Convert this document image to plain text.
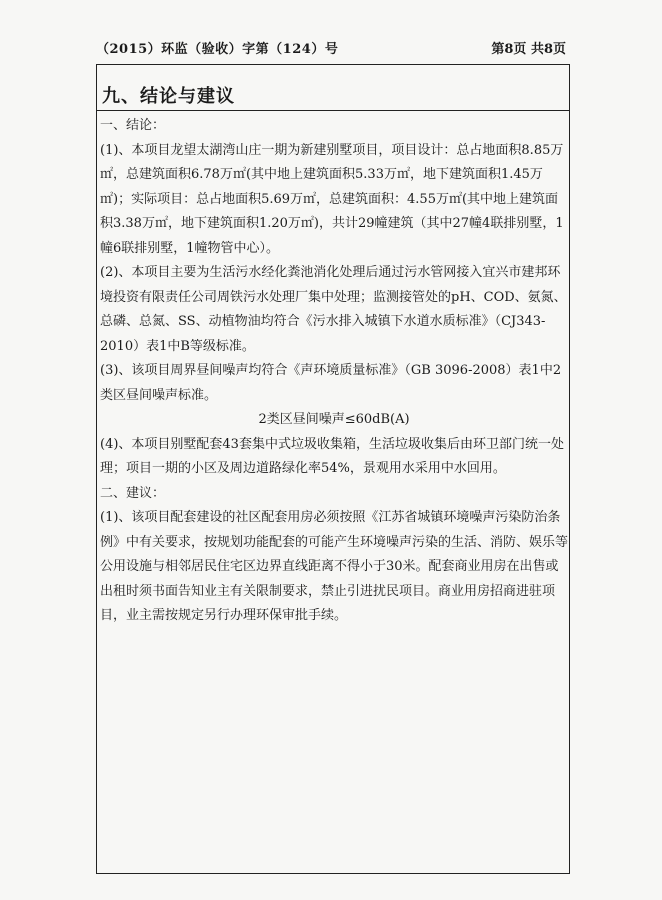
（2015）环监（验收）字第（124）号	第8页 共8页
九、结论与建议

一、结论：

(1)、本项目龙望太湖湾山庄一期为新建别墅项目，项目设计：总占地面积8.85万㎡，总建筑面积6.78万㎡(其中地上建筑面积5.33万㎡，地下建筑面积1.45万㎡)；实际项目：总占地面积5.69万㎡，总建筑面积：4.55万㎡(其中地上建筑面积3.38万㎡，地下建筑面积1.20万㎡)，共计29幢建筑（其中27幢4联排别墅，1幢6联排别墅，1幢物管中心）。

(2)、本项目主要为生活污水经化粪池消化处理后通过污水管网接入宜兴市建邦环境投资有限责任公司周铁污水处理厂集中处理；监测接管处的pH、COD、氨氮、总磷、总氮、SS、动植物油均符合《污水排入城镇下水道水质标准》（CJ343-2010）表1中B等级标准。

(3)、该项目周界昼间噪声均符合《声环境质量标准》（GB 3096-2008）表1中2类区昼间噪声标准。

2类区昼间噪声≤60dB(A)

(4)、本项目别墅配套43套集中式垃圾收集箱，生活垃圾收集后由环卫部门统一处理；项目一期的小区及周边道路绿化率54%，景观用水采用中水回用。

二、建议：

(1)、该项目配套建设的社区配套用房必须按照《江苏省城镇环境噪声污染防治条例》中有关要求，按规划功能配套的可能产生环境噪声污染的生活、消防、娱乐等公用设施与相邻居民住宅区边界直线距离不得小于30米。配套商业用房在出售或出租时须书面告知业主有关限制要求，禁止引进扰民项目。商业用房招商进驻项目，业主需按规定另行办理环保审批手续。
